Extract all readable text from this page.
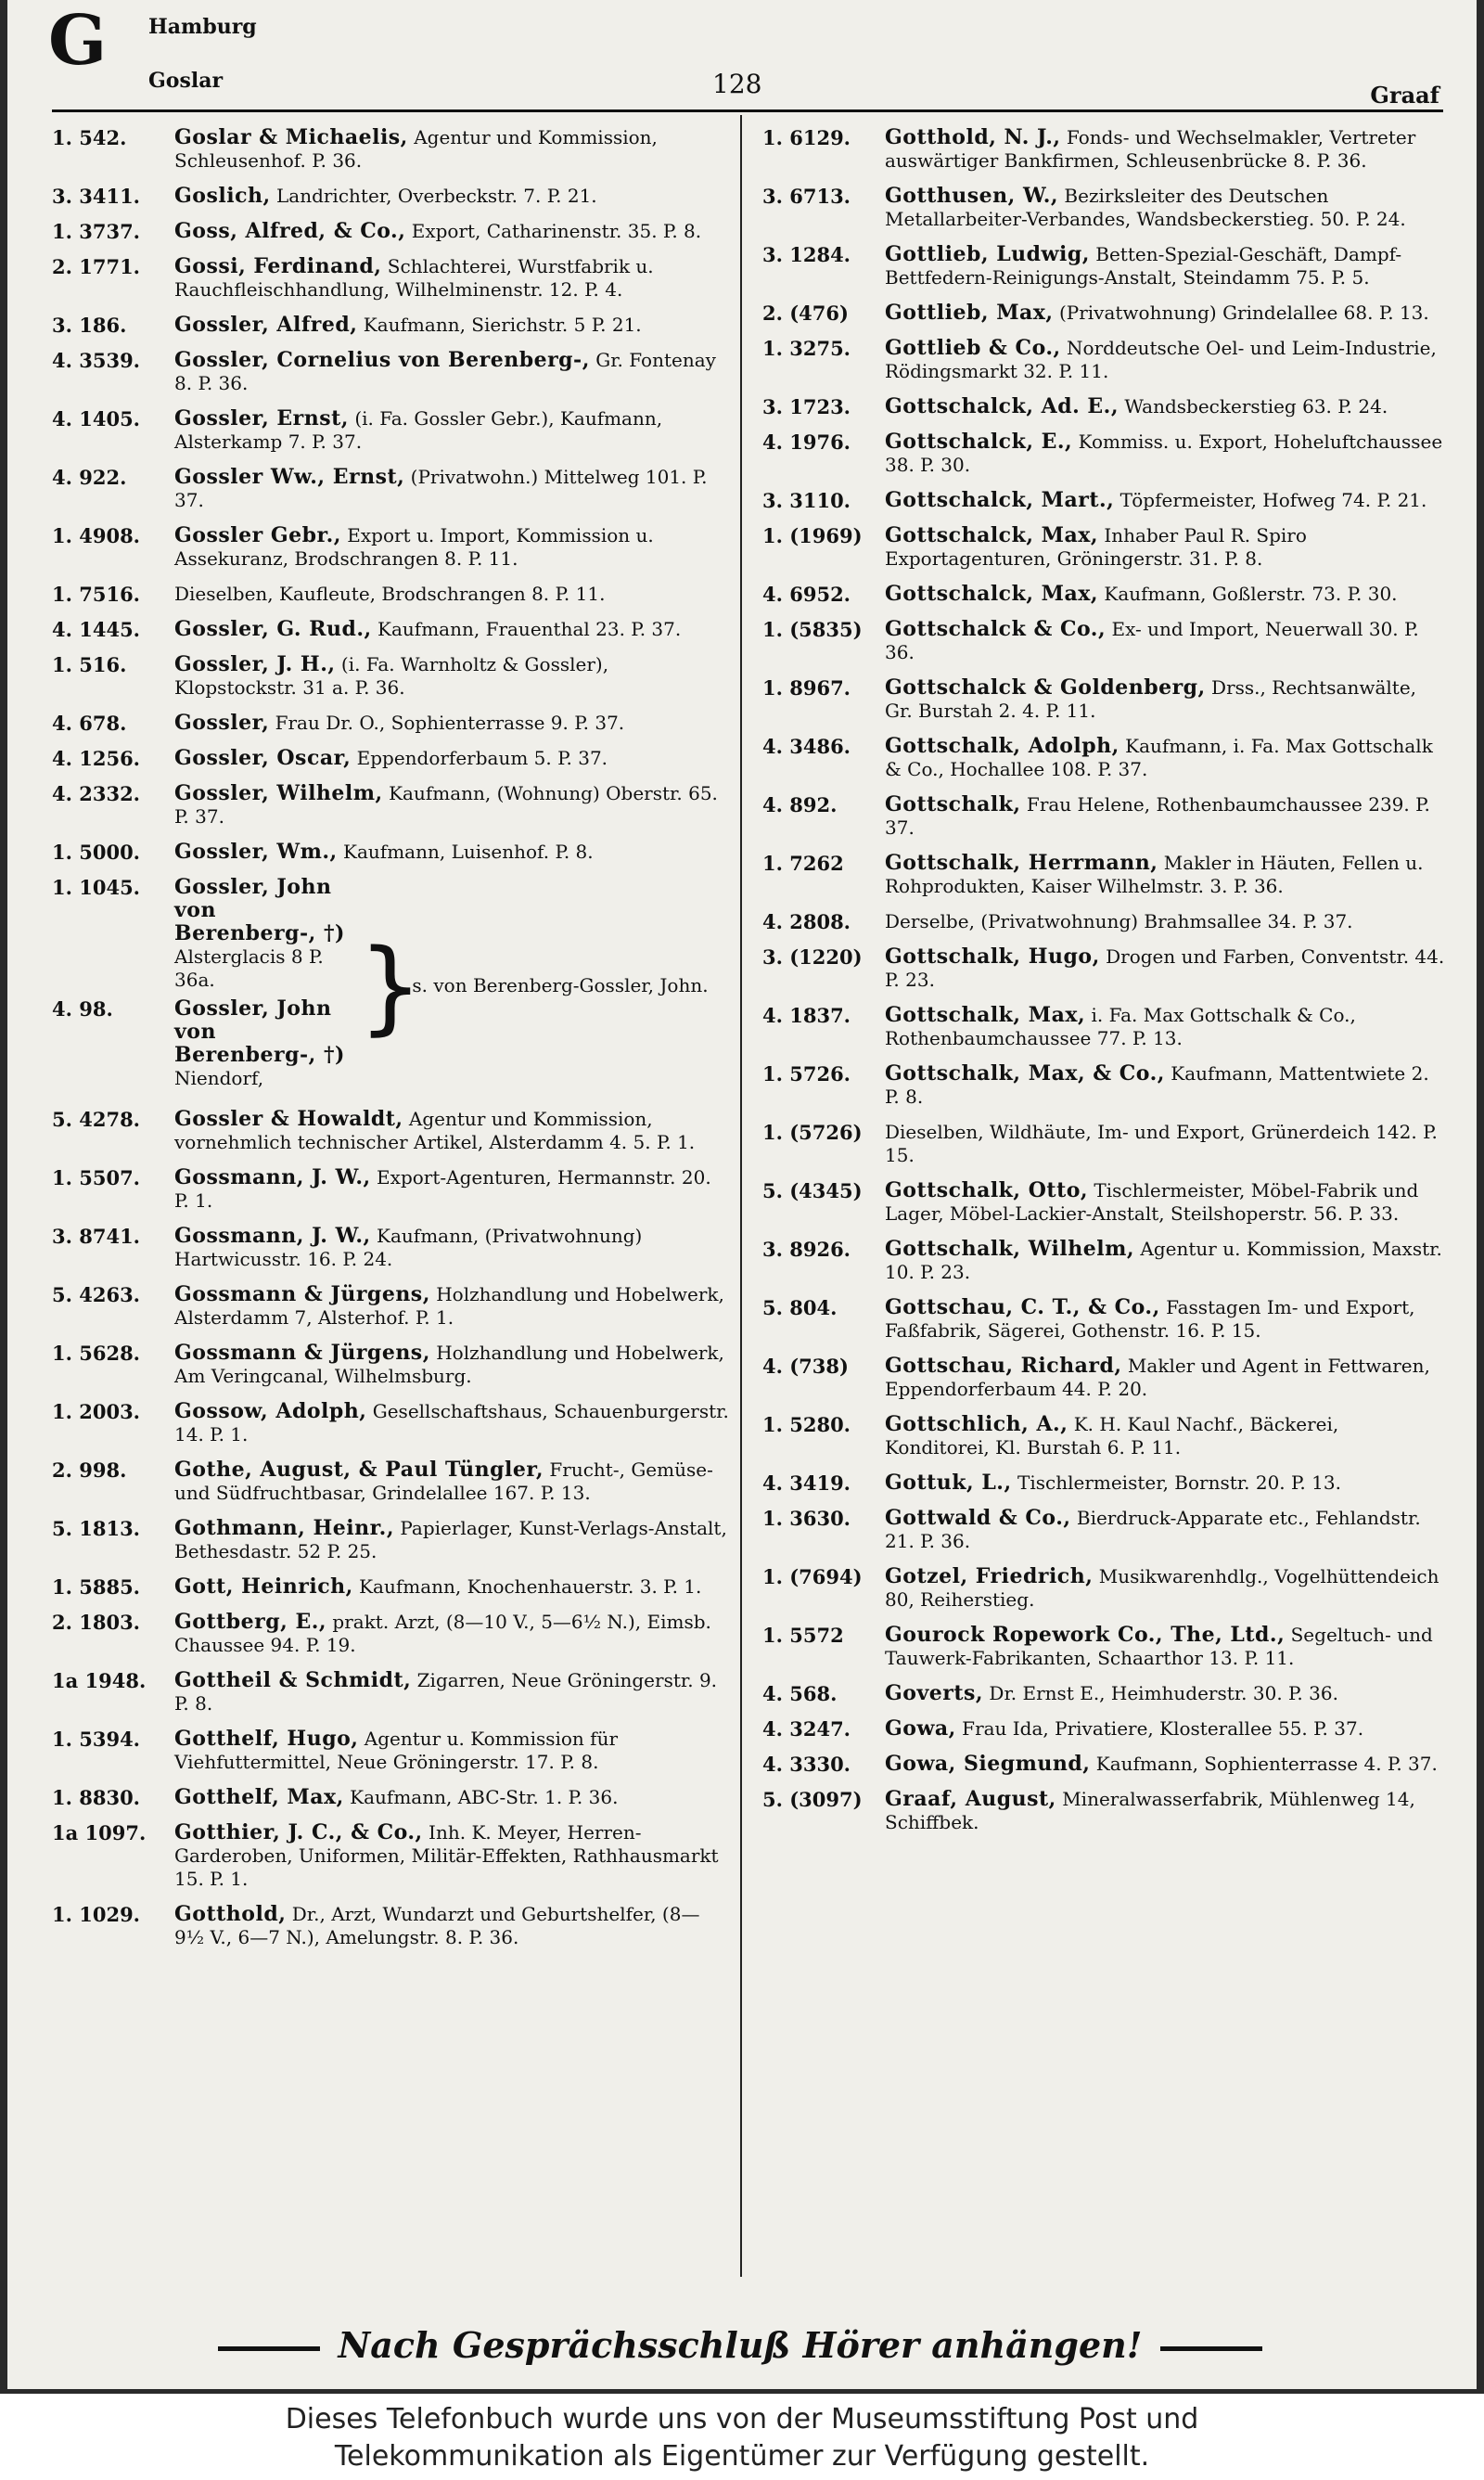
G Hamburg
Goslar	128	Graaf
1. 542.	Goslar & Michaelis, Agentur und Kommission, Schleusenhof. P. 36.
3. 3411.	Goslich, Landrichter, Overbeckstr. 7. P. 21.
1. 3737.	Goss, Alfred, & Co., Export, Catharinenstr. 35. P. 8.
2. 1771.	Gossi, Ferdinand, Schlachterei, Wurstfabrik u. Rauchfleischhandlung, Wilhelminenstr. 12. P. 4.
3. 186.	Gossler, Alfred, Kaufmann, Sierichstr. 5 P. 21.
4. 3539.	Gossler, Cornelius von Berenberg-, Gr. Fontenay 8. P. 36.
4. 1405.	Gossler, Ernst, (i. Fa. Gossler Gebr.), Kaufmann, Alsterkamp 7. P. 37.
4. 922.	Gossler Ww., Ernst, (Privatwohn.) Mittelweg 101. P. 37.
1. 4908.	Gossler Gebr., Export u. Import, Kommission u. Assekuranz, Brodschrangen 8. P. 11.
1. 7516.	Dieselben, Kaufleute, Brodschrangen 8. P. 11.
4. 1445.	Gossler, G. Rud., Kaufmann, Frauenthal 23. P. 37.
1. 516.	Gossler, J. H., (i. Fa. Warnholtz & Gossler), Klopstockstr. 31 a. P. 36.
4. 678.	Gossler, Frau Dr. O., Sophienterrasse 9. P. 37.
4. 1256.	Gossler, Oscar, Eppendorferbaum 5. P. 37.
4. 2332.	Gossler, Wilhelm, Kaufmann, (Wohnung) Oberstr. 65. P. 37.
1. 5000.	Gossler, Wm., Kaufmann, Luisenhof. P. 8.
1. 1045.	Gossler, John von Berenberg-, †) Alsterglacis 8 P. 36a.
4. 98.	Gossler, John von Berenberg-, †) Niendorf,
}
s. von Berenberg-Gossler, John.
5. 4278.	Gossler & Howaldt, Agentur und Kommission, vornehmlich technischer Artikel, Alsterdamm 4. 5. P. 1.
1. 5507.	Gossmann, J. W., Export-Agenturen, Hermannstr. 20. P. 1.
3. 8741.	Gossmann, J. W., Kaufmann, (Privatwohnung) Hartwicusstr. 16. P. 24.
5. 4263.	Gossmann & Jürgens, Holzhandlung und Hobelwerk, Alsterdamm 7, Alsterhof. P. 1.
1. 5628.	Gossmann & Jürgens, Holzhandlung und Hobelwerk, Am Veringcanal, Wilhelmsburg.
1. 2003.	Gossow, Adolph, Gesellschaftshaus, Schauenburgerstr. 14. P. 1.
2. 998.	Gothe, August, & Paul Tüngler, Frucht-, Gemüse- und Südfruchtbasar, Grindelallee 167. P. 13.
5. 1813.	Gothmann, Heinr., Papierlager, Kunst-Verlags-Anstalt, Bethesdastr. 52 P. 25.
1. 5885.	Gott, Heinrich, Kaufmann, Knochenhauerstr. 3. P. 1.
2. 1803.	Gottberg, E., prakt. Arzt, (8—10 V., 5—6½ N.), Eimsb. Chaussee 94. P. 19.
1a 1948.	Gottheil & Schmidt, Zigarren, Neue Gröningerstr. 9. P. 8.
1. 5394.	Gotthelf, Hugo, Agentur u. Kommission für Viehfuttermittel, Neue Gröningerstr. 17. P. 8.
1. 8830.	Gotthelf, Max, Kaufmann, ABC-Str. 1. P. 36.
1a 1097.	Gotthier, J. C., & Co., Inh. K. Meyer, Herren-Garderoben, Uniformen, Militär-Effekten, Rathhausmarkt 15. P. 1.
1. 1029.	Gotthold, Dr., Arzt, Wundarzt und Geburtshelfer, (8—9½ V., 6—7 N.), Amelungstr. 8. P. 36.
1. 6129.	Gotthold, N. J., Fonds- und Wechselmakler, Vertreter auswärtiger Bankfirmen, Schleusenbrücke 8. P. 36.
3. 6713.	Gotthusen, W., Bezirksleiter des Deutschen Metallarbeiter-Verbandes, Wandsbeckerstieg. 50. P. 24.
3. 1284.	Gottlieb, Ludwig, Betten-Spezial-Geschäft, Dampf-Bettfedern-Reinigungs-Anstalt, Steindamm 75. P. 5.
2. (476)	Gottlieb, Max, (Privatwohnung) Grindelallee 68. P. 13.
1. 3275.	Gottlieb & Co., Norddeutsche Oel- und Leim-Industrie, Rödingsmarkt 32. P. 11.
3. 1723.	Gottschalck, Ad. E., Wandsbeckerstieg 63. P. 24.
4. 1976.	Gottschalck, E., Kommiss. u. Export, Hoheluftchaussee 38. P. 30.
3. 3110.	Gottschalck, Mart., Töpfermeister, Hofweg 74. P. 21.
1. (1969)	Gottschalck, Max, Inhaber Paul R. Spiro Exportagenturen, Gröningerstr. 31. P. 8.
4. 6952.	Gottschalck, Max, Kaufmann, Goßlerstr. 73. P. 30.
1. (5835)	Gottschalck & Co., Ex- und Import, Neuerwall 30. P. 36.
1. 8967.	Gottschalck & Goldenberg, Drss., Rechtsanwälte, Gr. Burstah 2. 4. P. 11.
4. 3486.	Gottschalk, Adolph, Kaufmann, i. Fa. Max Gottschalk & Co., Hochallee 108. P. 37.
4. 892.	Gottschalk, Frau Helene, Rothenbaumchaussee 239. P. 37.
1. 7262	Gottschalk, Herrmann, Makler in Häuten, Fellen u. Rohprodukten, Kaiser Wilhelmstr. 3. P. 36.
4. 2808.	Derselbe, (Privatwohnung) Brahmsallee 34. P. 37.
3. (1220)	Gottschalk, Hugo, Drogen und Farben, Conventstr. 44. P. 23.
4. 1837.	Gottschalk, Max, i. Fa. Max Gottschalk & Co., Rothenbaumchaussee 77. P. 13.
1. 5726.	Gottschalk, Max, & Co., Kaufmann, Mattentwiete 2. P. 8.
1. (5726)	Dieselben, Wildhäute, Im- und Export, Grünerdeich 142. P. 15.
5. (4345)	Gottschalk, Otto, Tischlermeister, Möbel-Fabrik und Lager, Möbel-Lackier-Anstalt, Steilshoperstr. 56. P. 33.
3. 8926.	Gottschalk, Wilhelm, Agentur u. Kommission, Maxstr. 10. P. 23.
5. 804.	Gottschau, C. T., & Co., Fasstagen Im- und Export, Faßfabrik, Sägerei, Gothenstr. 16. P. 15.
4. (738)	Gottschau, Richard, Makler und Agent in Fettwaren, Eppendorferbaum 44. P. 20.
1. 5280.	Gottschlich, A., K. H. Kaul Nachf., Bäckerei, Konditorei, Kl. Burstah 6. P. 11.
4. 3419.	Gottuk, L., Tischlermeister, Bornstr. 20. P. 13.
1. 3630.	Gottwald & Co., Bierdruck-Apparate etc., Fehlandstr. 21. P. 36.
1. (7694)	Gotzel, Friedrich, Musikwarenhdlg., Vogelhüttendeich 80, Reiherstieg.
1. 5572	Gourock Ropework Co., The, Ltd., Segeltuch- und Tauwerk-Fabrikanten, Schaarthor 13. P. 11.
4. 568.	Goverts, Dr. Ernst E., Heimhuderstr. 30. P. 36.
4. 3247.	Gowa, Frau Ida, Privatiere, Klosterallee 55. P. 37.
4. 3330.	Gowa, Siegmund, Kaufmann, Sophienterrasse 4. P. 37.
5. (3097)	Graaf, August, Mineralwasserfabrik, Mühlenweg 14, Schiffbek.
Nach Gesprächsschluß Hörer anhängen!
Dieses Telefonbuch wurde uns von der Museumsstiftung Post und
Telekommunikation als Eigentümer zur Verfügung gestellt.
